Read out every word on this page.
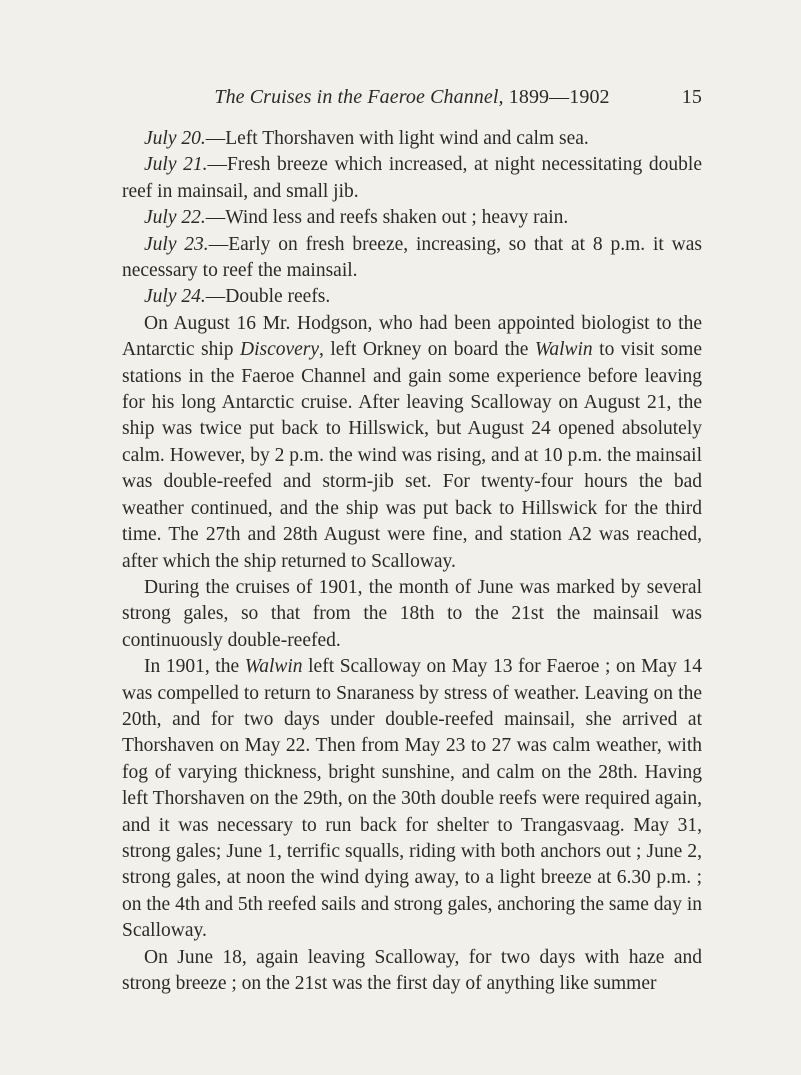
The Cruises in the Faeroe Channel, 1899—1902	15

July 20.—Left Thorshaven with light wind and calm sea.

July 21.—Fresh breeze which increased, at night necessitating double reef in mainsail, and small jib.

July 22.—Wind less and reefs shaken out ; heavy rain.

July 23.—Early on fresh breeze, increasing, so that at 8 p.m. it was necessary to reef the mainsail.

July 24.—Double reefs.

On August 16 Mr. Hodgson, who had been appointed biologist to the Antarctic ship Discovery, left Orkney on board the Walwin to visit some stations in the Faeroe Channel and gain some experience before leaving for his long Antarctic cruise. After leaving Scalloway on August 21, the ship was twice put back to Hillswick, but August 24 opened absolutely calm. However, by 2 p.m. the wind was rising, and at 10 p.m. the mainsail was double-reefed and storm-jib set. For twenty-four hours the bad weather continued, and the ship was put back to Hillswick for the third time. The 27th and 28th August were fine, and station A2 was reached, after which the ship returned to Scalloway.

During the cruises of 1901, the month of June was marked by several strong gales, so that from the 18th to the 21st the mainsail was continuously double-reefed.

In 1901, the Walwin left Scalloway on May 13 for Faeroe ; on May 14 was compelled to return to Snaraness by stress of weather. Leaving on the 20th, and for two days under double-reefed mainsail, she arrived at Thorshaven on May 22. Then from May 23 to 27 was calm weather, with fog of varying thickness, bright sunshine, and calm on the 28th. Having left Thorshaven on the 29th, on the 30th double reefs were required again, and it was necessary to run back for shelter to Trangasvaag. May 31, strong gales; June 1, terrific squalls, riding with both anchors out ; June 2, strong gales, at noon the wind dying away, to a light breeze at 6.30 p.m. ; on the 4th and 5th reefed sails and strong gales, anchoring the same day in Scalloway.

On June 18, again leaving Scalloway, for two days with haze and strong breeze ; on the 21st was the first day of anything like summer
